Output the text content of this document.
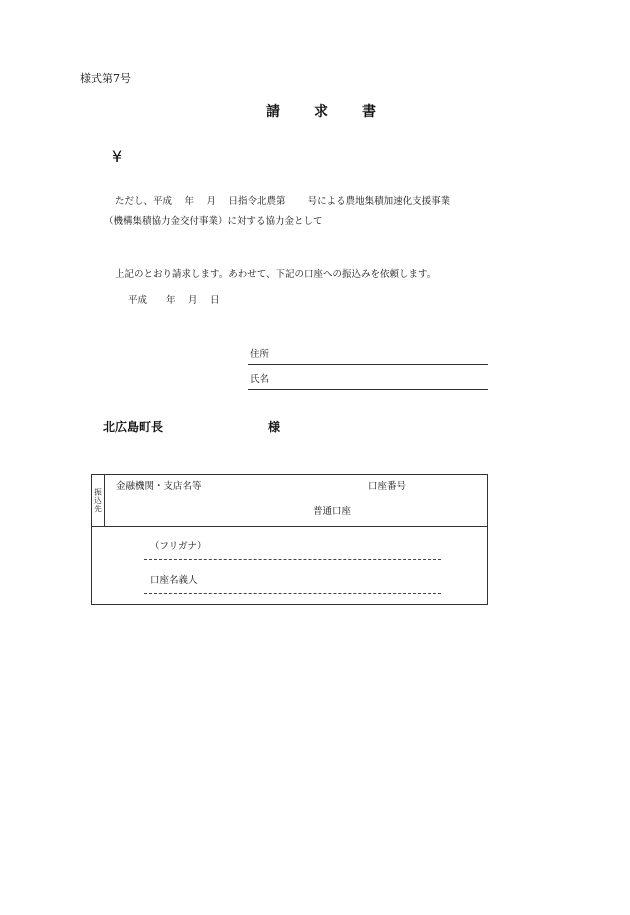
様式第7号
請 求 書
¥
ただし、平成　 年　 月　 日指令北農第　　 号による農地集積加速化支援事業
（機構集積協力金交付事業）に対する協力金として
上記のとおり請求します。あわせて、下記の口座への振込みを依頼します。
平成　　年　 月　 日
住所
氏名
北広島町長	様
振込先
金融機関・支店名等	口座番号
普通口座
（フリガナ）
口座名義人
